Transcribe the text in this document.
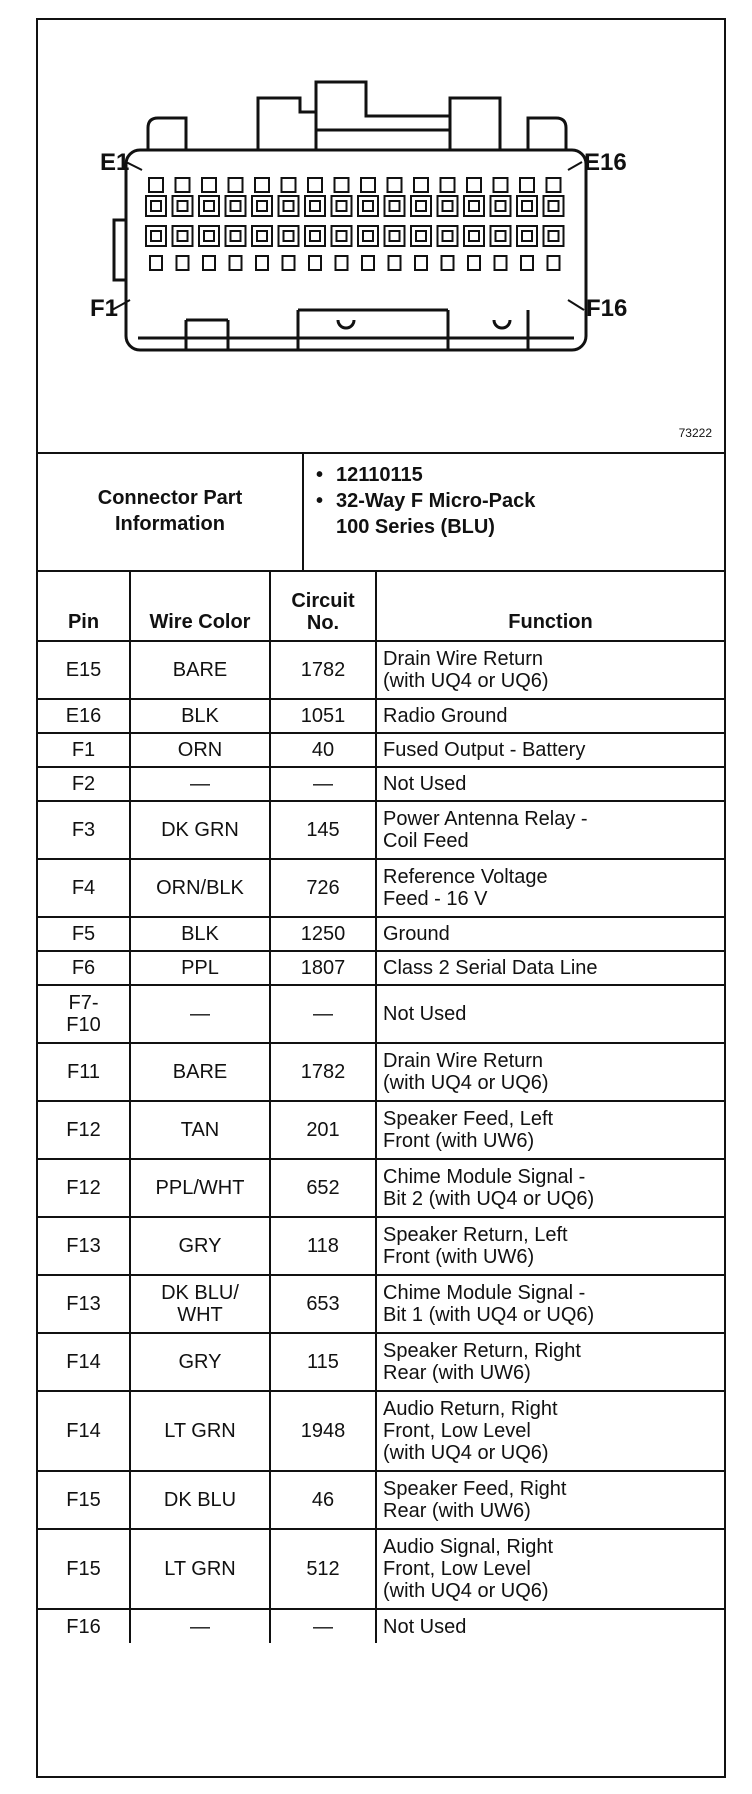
E1	E16
F1	F16
73222
Connector Part
Information
• 12110115
• 32-Way F Micro-Pack
100 Series (BLU)
Pin	Wire Color	Circuit
No.	Function
E15	BARE	1782	Drain Wire Return
(with UQ4 or UQ6)
E16	BLK	1051	Radio Ground
F1	ORN	40	Fused Output - Battery
F2	—	—	Not Used
F3	DK GRN	145	Power Antenna Relay -
Coil Feed
F4	ORN/BLK	726	Reference Voltage
Feed - 16 V
F5	BLK	1250	Ground
F6	PPL	1807	Class 2 Serial Data Line
F7-
F10	—	—	Not Used
F11	BARE	1782	Drain Wire Return
(with UQ4 or UQ6)
F12	TAN	201	Speaker Feed, Left
Front (with UW6)
F12	PPL/WHT	652	Chime Module Signal -
Bit 2 (with UQ4 or UQ6)
F13	GRY	118	Speaker Return, Left
Front (with UW6)
F13	DK BLU/
WHT	653	Chime Module Signal -
Bit 1 (with UQ4 or UQ6)
F14	GRY	115	Speaker Return, Right
Rear (with UW6)
F14	LT GRN	1948	Audio Return, Right
Front, Low Level
(with UQ4 or UQ6)
F15	DK BLU	46	Speaker Feed, Right
Rear (with UW6)
F15	LT GRN	512	Audio Signal, Right
Front, Low Level
(with UQ4 or UQ6)
F16	—	—	Not Used
